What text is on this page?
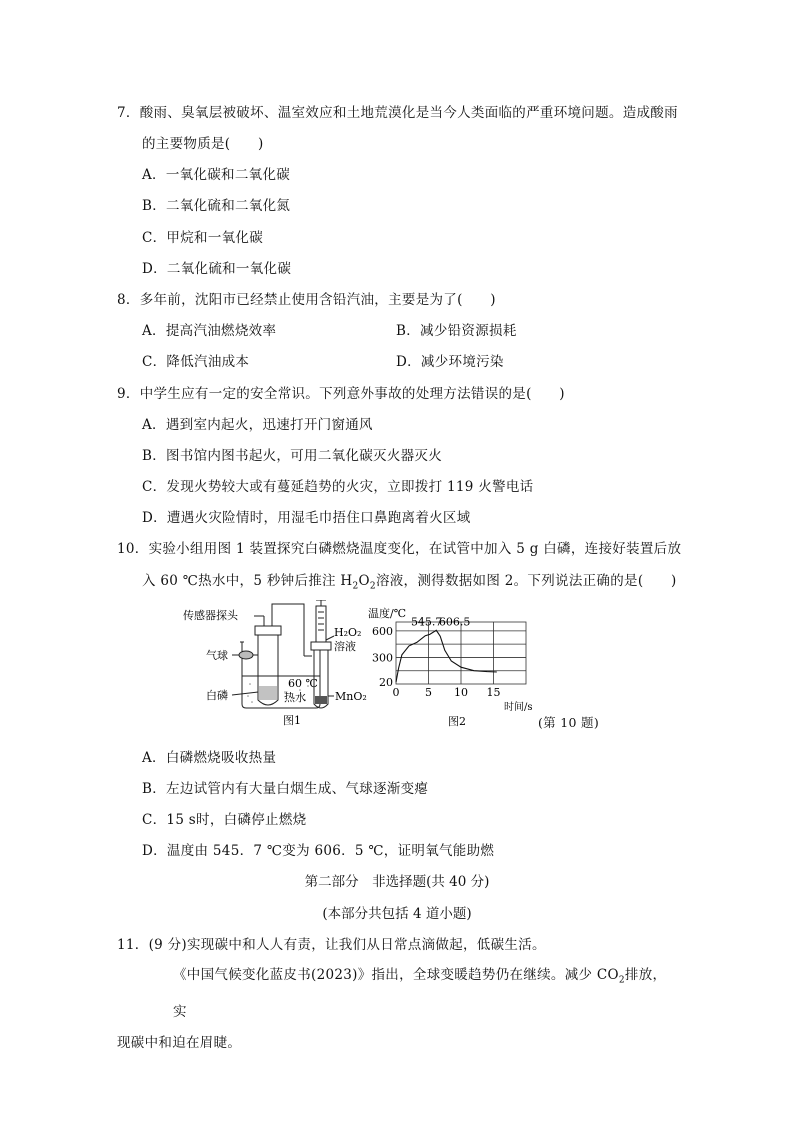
7．酸雨、臭氧层被破坏、温室效应和土地荒漠化是当今人类面临的严重环境问题。造成酸雨
的主要物质是(　　)
A．一氧化碳和二氧化碳
B．二氧化硫和二氧化氮
C．甲烷和一氧化碳
D．二氧化硫和一氧化碳
8．多年前，沈阳市已经禁止使用含铅汽油，主要是为了(　　)
A．提高汽油燃烧效率	B．减少铅资源损耗
C．降低汽油成本	D．减少环境污染
9．中学生应有一定的安全常识。下列意外事故的处理方法错误的是(　　)
A．遇到室内起火，迅速打开门窗通风
B．图书馆内图书起火，可用二氧化碳灭火器灭火
C．发现火势较大或有蔓延趋势的火灾，立即拨打 119 火警电话
D．遭遇火灾险情时，用湿毛巾捂住口鼻跑离着火区域
10．实验小组用图 1 装置探究白磷燃烧温度变化，在试管中加入 5 g 白磷，连接好装置后放
入 60 ℃热水中，5 秒钟后推注 $H_2O_2$溶液，测得数据如图 2。下列说法正确的是(　　)
传感器探头
气球
白磷
60 ℃
热水	MnO₂
H₂O₂
溶液
图1
600
300
20
0 5 10 15
545.7
606.5
温度/℃
时间/s
图2	(第 10 题)
A．白磷燃烧吸收热量
B．左边试管内有大量白烟生成、气球逐渐变瘪
C．15 s时，白磷停止燃烧
D．温度由 545．7 ℃变为 606．5 ℃，证明氧气能助燃
第二部分　非选择题(共 40 分)
(本部分共包括 4 道小题)
11．(9 分)实现碳中和人人有责，让我们从日常点滴做起，低碳生活。
《中国气候变化蓝皮书(2023)》指出，全球变暖趋势仍在继续。减少 $CO_2$排放，实
现碳中和迫在眉睫。
